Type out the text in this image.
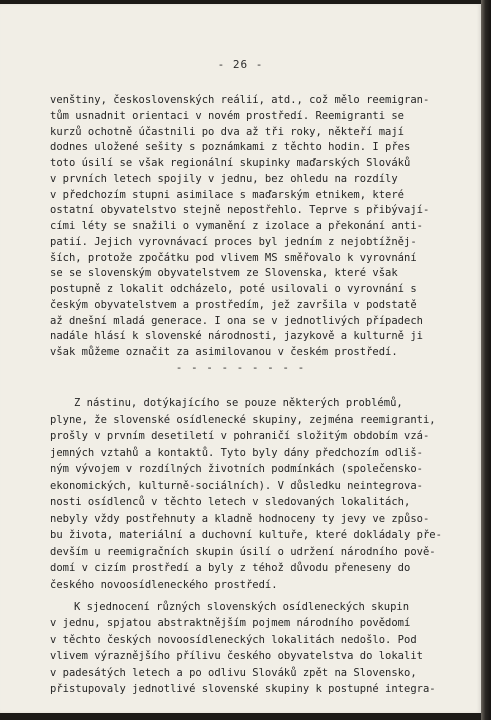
- 26 -

venštiny, československých reálií, atd., což mělo reemigran-

tům usnadnit orientaci v novém prostředí. Reemigranti se

kurzů ochotně účastnili po dva až tři roky, někteří mají

dodnes uložené sešity s poznámkami z těchto hodin. I přes

toto úsilí se však regionální skupinky maďarských Slováků

v prvních letech spojily v jednu, bez ohledu na rozdíly

v předchozím stupni asimilace s maďarským etnikem, které

ostatní obyvatelstvo stejně nepostřehlo. Teprve s přibývají-

cími léty se snažili o vymanění z izolace a překonání anti-

patií. Jejich vyrovnávací proces byl jedním z nejobtížněj-

ších, protože zpočátku pod vlivem MS směřovalo k vyrovnání

se se slovenským obyvatelstvem ze Slovenska, které však

postupně z lokalit odcházelo, poté usilovali o vyrovnání s

českým obyvatelstvem a prostředím, jež završila v podstatě

až dnešní mladá generace. I ona se v jednotlivých případech

nadále hlásí k slovenské národnosti, jazykově a kulturně ji

však můžeme označit za asimilovanou v českém prostředí.

- - - - - - - - -

Z nástinu, dotýkajícího se pouze některých problémů,

plyne, že slovenské osídlenecké skupiny, zejména reemigranti,

prošly v prvním desetiletí v pohraničí složitým obdobím vzá-

jemných vztahů a kontaktů. Tyto byly dány předchozím odliš-

ným vývojem v rozdílných životních podmínkách (společensko-

ekonomických, kulturně-sociálních). V důsledku neintegrova-

nosti osídlenců v těchto letech v sledovaných lokalitách,

nebyly vždy postřehnuty a kladně hodnoceny ty jevy ve způso-

bu života, materiální a duchovní kultuře, které dokládaly pře-

devším u reemigračních skupin úsilí o udržení národního pově-

domí v cizím prostředí a byly z téhož důvodu přeneseny do

českého novoosídleneckého prostředí.

K sjednocení různých slovenských osídleneckých skupin

v jednu, spjatou abstraktnějším pojmem národního povědomí

v těchto českých novoosídleneckých lokalitách nedošlo. Pod

vlivem výraznějšího přílivu českého obyvatelstva do lokalit

v padesátých letech a po odlivu Slováků zpět na Slovensko,

přistupovaly jednotlivé slovenské skupiny k postupné integra-
